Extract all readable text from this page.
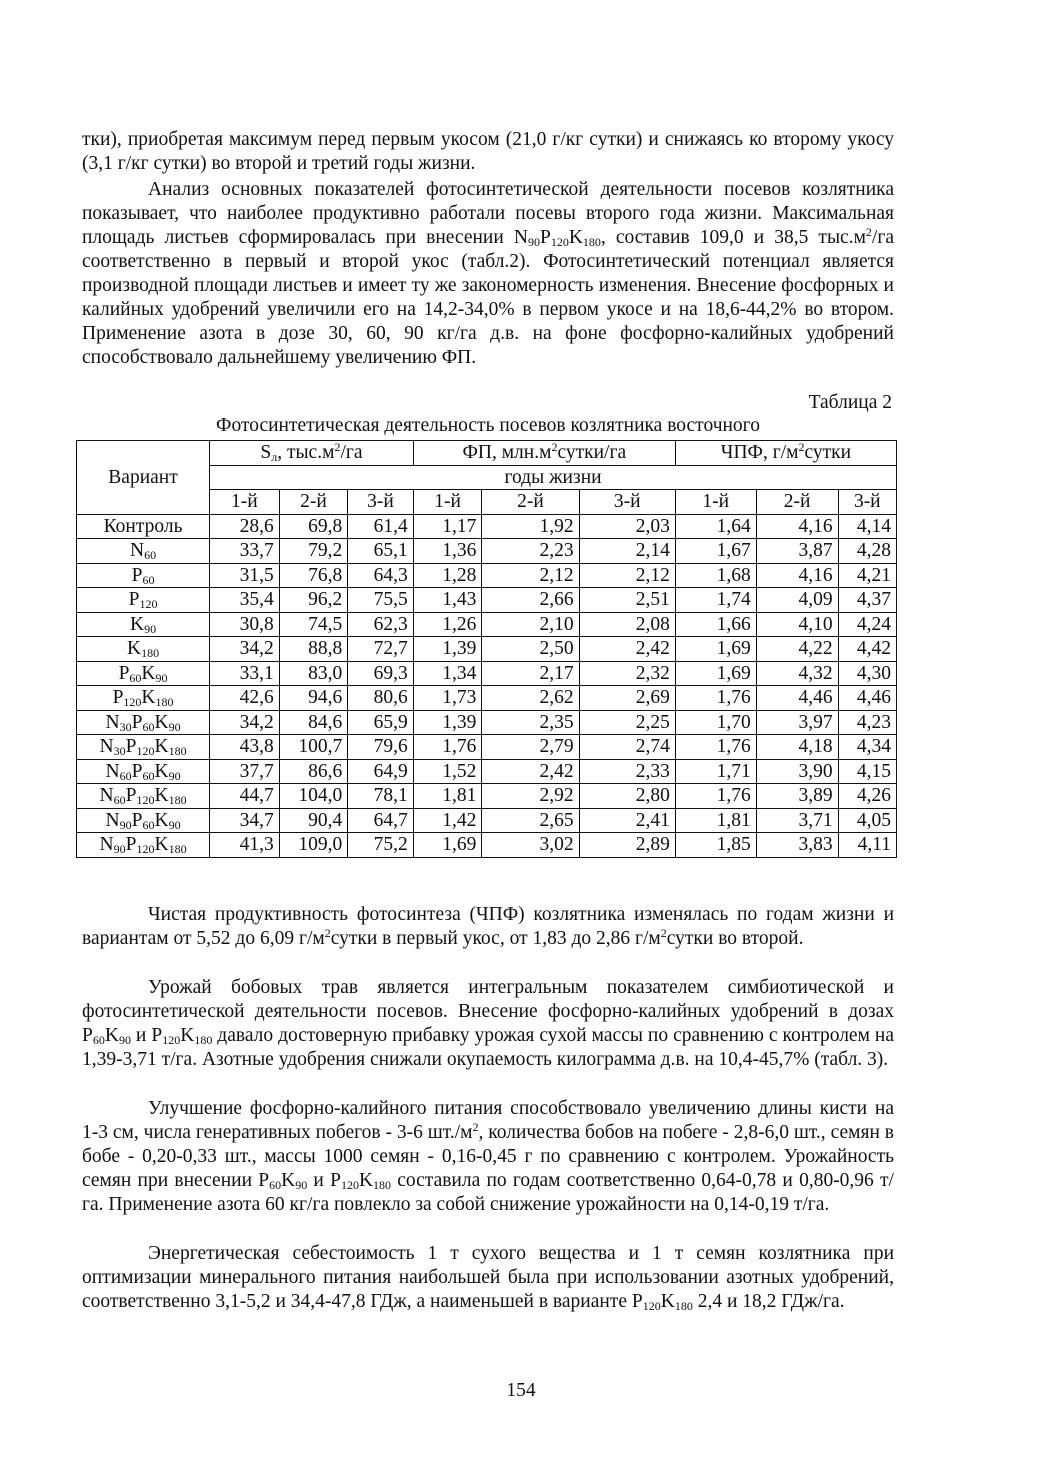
тки), приобретая максимум перед первым укосом (21,0 г/кг сутки) и снижаясь ко второму укосу (3,1 г/кг сутки) во второй и третий годы жизни.

Анализ основных показателей фотосинтетической деятельности посевов козлятника показывает, что наиболее продуктивно работали посевы второго года жизни. Максимальная площадь листьев сформировалась при внесении $N_{90}P_{120}K_{180}$, составив 109,0 и 38,5 $тыс.м^2/га$ соответственно в первый и второй укос (табл.2). Фотосинтетический потенциал является производной площади листьев и имеет ту же закономерность изменения. Внесение фосфорных и калийных удобрений увеличили его на 14,2-34,0% в первом укосе и на 18,6-44,2% во втором. Применение азота в дозе 30, 60, 90 кг/га д.в. на фоне фосфорно-калийных удобрений способствовало дальнейшему увеличению ФП.

Таблица 2

Фотосинтетическая деятельность посевов козлятника восточного

Вариант	$S_л$, $тыс.м^2/га$			ФП, $млн.м^2сутки/га$			ЧПФ, $г/м^2сутки$		
	годы жизни								
	1-й	2-й	3-й	1-й	2-й	3-й	1-й	2-й	3-й
Контроль	28,6	69,8	61,4	1,17	1,92	2,03	1,64	4,16	4,14
$N_{60}$	33,7	79,2	65,1	1,36	2,23	2,14	1,67	3,87	4,28
$P_{60}$	31,5	76,8	64,3	1,28	2,12	2,12	1,68	4,16	4,21
$P_{120}$	35,4	96,2	75,5	1,43	2,66	2,51	1,74	4,09	4,37
$K_{90}$	30,8	74,5	62,3	1,26	2,10	2,08	1,66	4,10	4,24
$K_{180}$	34,2	88,8	72,7	1,39	2,50	2,42	1,69	4,22	4,42
$P_{60}K_{90}$	33,1	83,0	69,3	1,34	2,17	2,32	1,69	4,32	4,30
$P_{120}K_{180}$	42,6	94,6	80,6	1,73	2,62	2,69	1,76	4,46	4,46
$N_{30}P_{60}K_{90}$	34,2	84,6	65,9	1,39	2,35	2,25	1,70	3,97	4,23
$N_{30}P_{120}K_{180}$	43,8	100,7	79,6	1,76	2,79	2,74	1,76	4,18	4,34
$N_{60}P_{60}K_{90}$	37,7	86,6	64,9	1,52	2,42	2,33	1,71	3,90	4,15
$N_{60}P_{120}K_{180}$	44,7	104,0	78,1	1,81	2,92	2,80	1,76	3,89	4,26
$N_{90}P_{60}K_{90}$	34,7	90,4	64,7	1,42	2,65	2,41	1,81	3,71	4,05
$N_{90}P_{120}K_{180}$	41,3	109,0	75,2	1,69	3,02	2,89	1,85	3,83	4,11

Чистая продуктивность фотосинтеза (ЧПФ) козлятника изменялась по годам жизни и вариантам от 5,52 до 6,09 $г/м^2сутки$ в первый укос, от 1,83 до 2,86 $г/м^2сутки$ во второй.

Урожай бобовых трав является интегральным показателем симбиотической и фотосинтетической деятельности посевов. Внесение фосфорно-калийных удобрений в дозах $P_{60}K_{90}$ и $P_{120}K_{180}$ давало достоверную прибавку урожая сухой массы по сравнению с контролем на 1,39-3,71 т/га. Азотные удобрения снижали окупаемость килограмма д.в. на 10,4-45,7% (табл. 3).

Улучшение фосфорно-калийного питания способствовало увеличению длины кисти на 1-3 см, числа генеративных побегов - 3-6 $шт./м^2$, количества бобов на побеге - 2,8-6,0 шт., семян в бобе - 0,20-0,33 шт., массы 1000 семян - 0,16-0,45 г по сравнению с контролем. Урожайность семян при внесении $P_{60}K_{90}$ и $P_{120}K_{180}$ составила по годам соответственно 0,64-0,78 и 0,80-0,96 т/га. Применение азота 60 кг/га повлекло за собой снижение урожайности на 0,14-0,19 т/га.

Энергетическая себестоимость 1 т сухого вещества и 1 т семян козлятника при оптимизации минерального питания наибольшей была при использовании азотных удобрений, соответственно 3,1-5,2 и 34,4-47,8 ГДж, а наименьшей в варианте $P_{120}K_{180}$ 2,4 и 18,2 ГДж/га.

154
